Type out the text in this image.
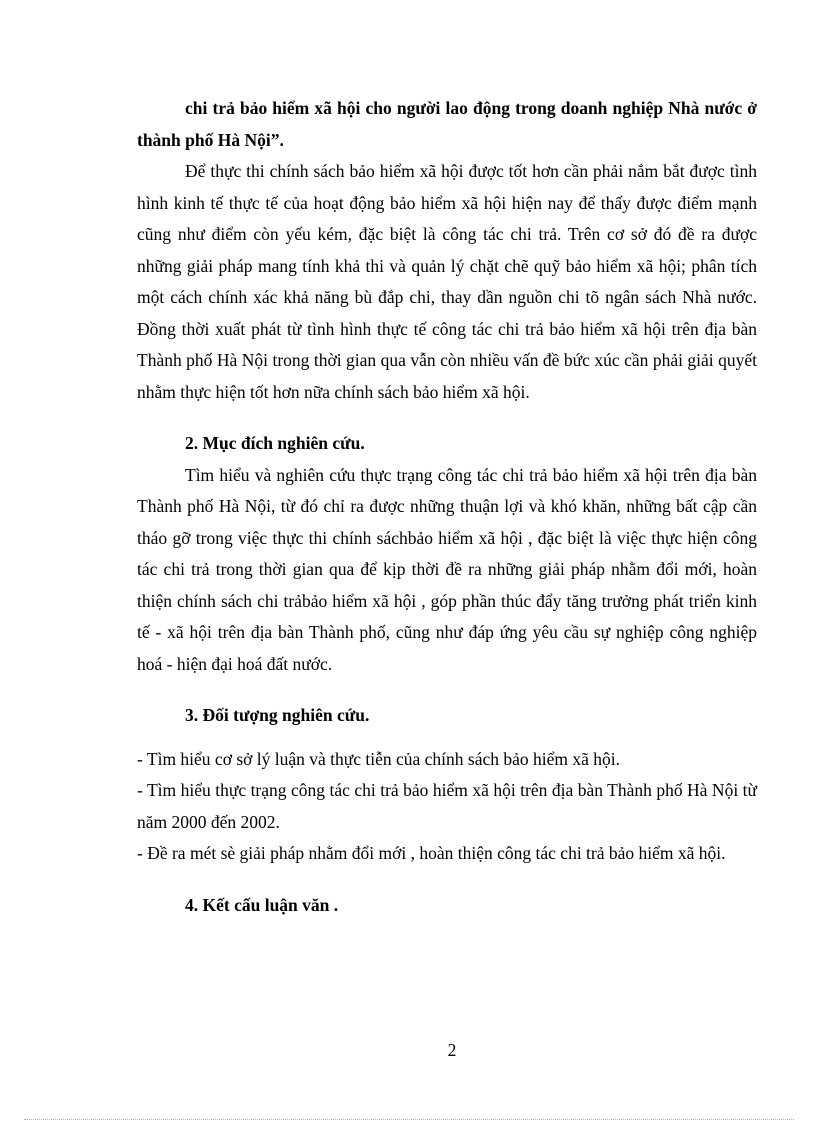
chi trả bảo hiểm xã hội cho người lao động trong doanh nghiệp Nhà nước ở thành phố Hà Nội”.

Để thực thi chính sách bảo hiểm xã hội được tốt hơn cần phải nắm bắt được tình hình kinh tế thực tế của hoạt động bảo hiểm xã hội hiện nay để thấy được điểm mạnh cũng như điểm còn yếu kém, đặc biệt là công tác chi trả. Trên cơ sở đó đề ra được những giải pháp mang tính khả thi và quản lý chặt chẽ quỹ bảo hiểm xã hội; phân tích một cách chính xác khả năng bù đắp chi, thay dần nguồn chi tõ ngân sách Nhà nước. Đồng thời xuất phát từ tình hình thực tế công tác chi trả bảo hiểm xã hội trên địa bàn Thành phố Hà Nội trong thời gian qua vẫn còn nhiều vấn đề bức xúc cần phải giải quyết nhằm thực hiện tốt hơn nữa chính sách bảo hiểm xã hội.

2. Mục đích nghiên cứu.

Tìm hiểu và nghiên cứu thực trạng công tác chi trả bảo hiểm xã hội trên địa bàn Thành phố Hà Nội, từ đó chỉ ra được những thuận lợi và khó khăn, những bất cập cần tháo gỡ trong việc thực thi chính sáchbảo hiểm xã hội , đặc biệt là việc thực hiện công tác chi trả trong thời gian qua để kịp thời đề ra những giải pháp nhằm đổi mới, hoàn thiện chính sách chi trảbảo hiểm xã hội , góp phần thúc đẩy tăng trưởng phát triển kinh tế - xã hội trên địa bàn Thành phố, cũng như đáp ứng yêu cầu sự nghiệp công nghiệp hoá - hiện đại hoá đất nước.

3. Đối tượng nghiên cứu.

- Tìm hiểu cơ sở lý luận và thực tiễn của chính sách bảo hiểm xã hội.

- Tìm hiểu thực trạng công tác chi trả bảo hiểm xã hội trên địa bàn Thành phố Hà Nội từ năm 2000 đến 2002.

- Đề ra mét sè giải pháp nhằm đổi mới , hoàn thiện công tác chi trả bảo hiểm xã hội.

4. Kết cấu luận văn .

2
